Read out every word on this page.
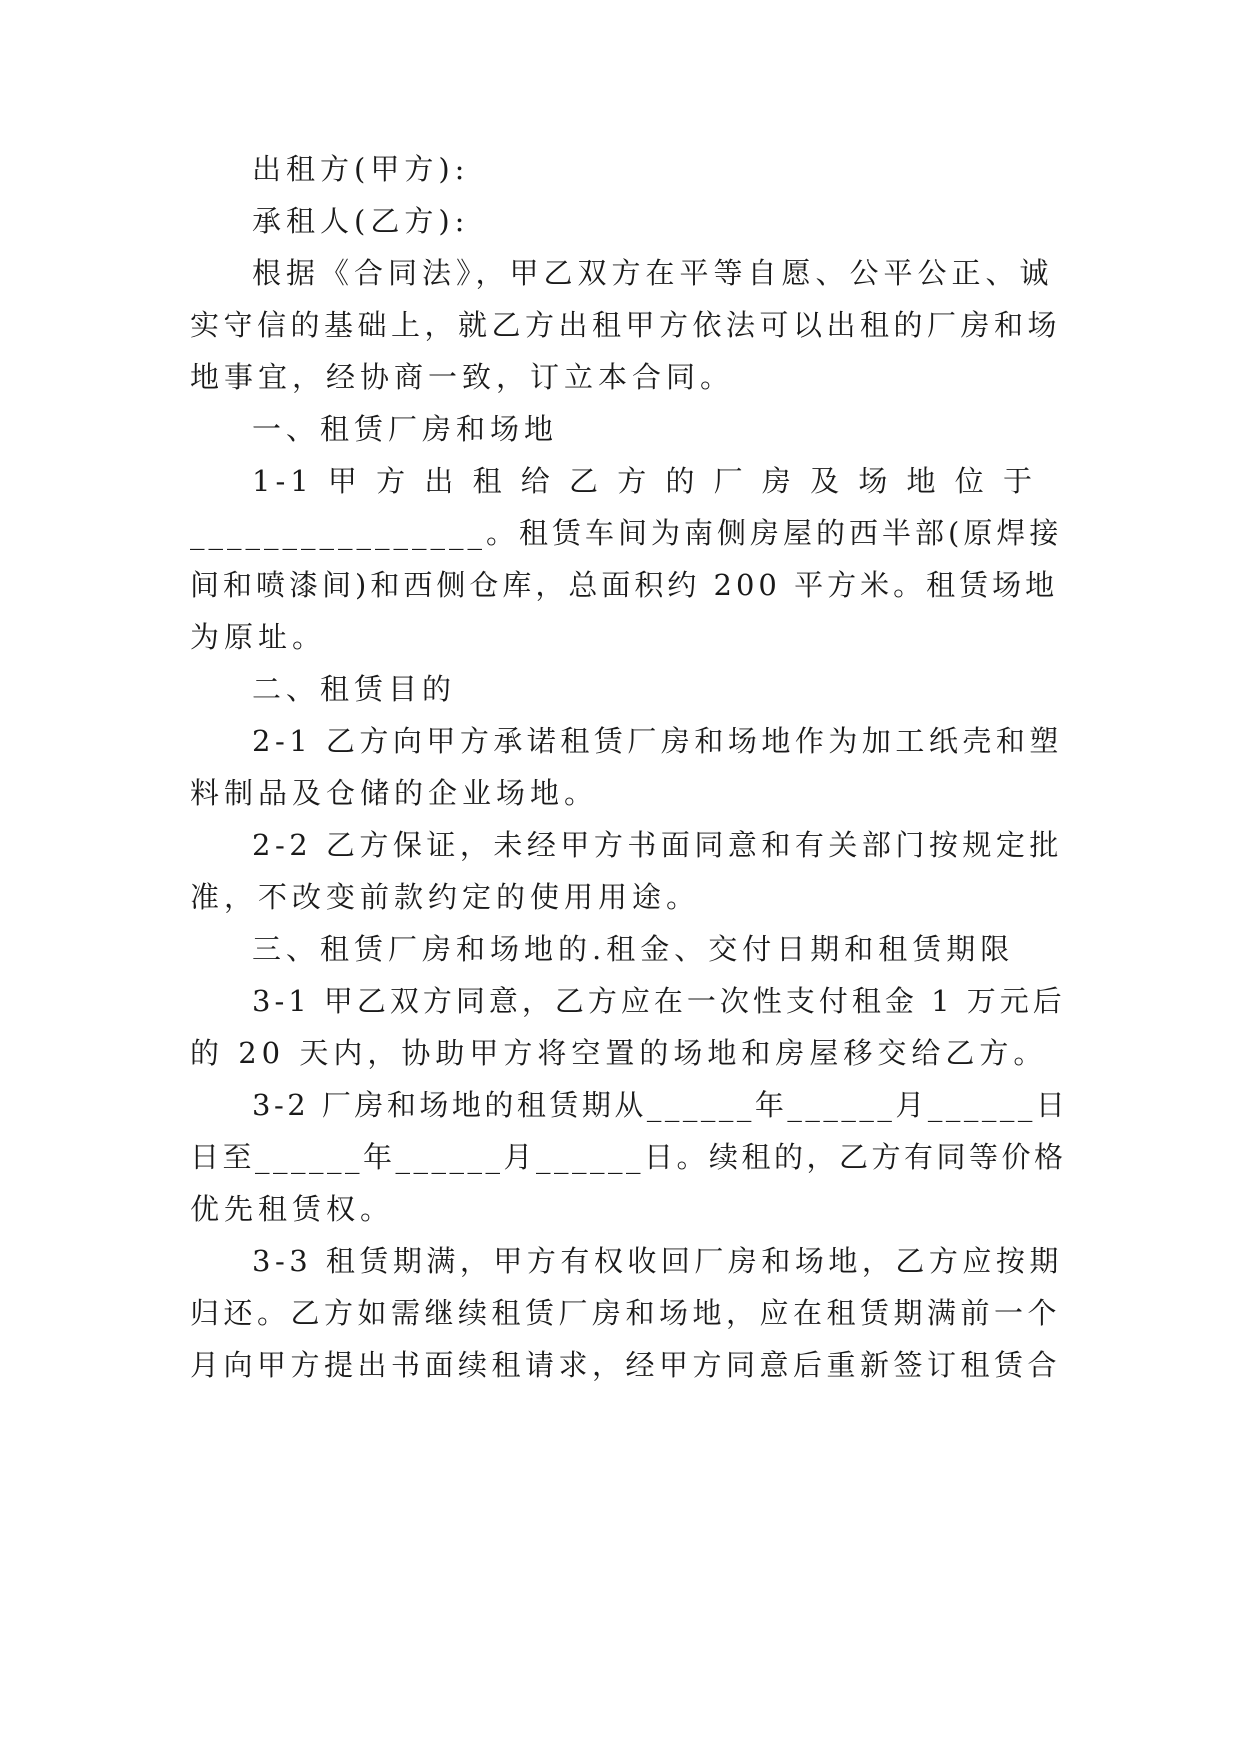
出租方(甲方):
承租人(乙方):
根据《合同法》，甲乙双方在平等自愿、公平公正、诚
实守信的基础上，就乙方出租甲方依法可以出租的厂房和场
地事宜，经协商一致，订立本合同。
一、租赁厂房和场地
1-1 甲 方 出 租 给 乙 方 的 厂 房 及 场 地 位 于
________________。租赁车间为南侧房屋的西半部(原焊接
间和喷漆间)和西侧仓库，总面积约 200 平方米。租赁场地
为原址。
二、租赁目的
2-1 乙方向甲方承诺租赁厂房和场地作为加工纸壳和塑
料制品及仓储的企业场地。
2-2 乙方保证，未经甲方书面同意和有关部门按规定批
准，不改变前款约定的使用用途。
三、租赁厂房和场地的.租金、交付日期和租赁期限
3-1 甲乙双方同意，乙方应在一次性支付租金 1 万元后
的 20 天内，协助甲方将空置的场地和房屋移交给乙方。
3-2 厂房和场地的租赁期从______年______月______日
日至______年______月______日。续租的，乙方有同等价格
优先租赁权。
3-3 租赁期满，甲方有权收回厂房和场地，乙方应按期
归还。乙方如需继续租赁厂房和场地，应在租赁期满前一个
月向甲方提出书面续租请求，经甲方同意后重新签订租赁合
